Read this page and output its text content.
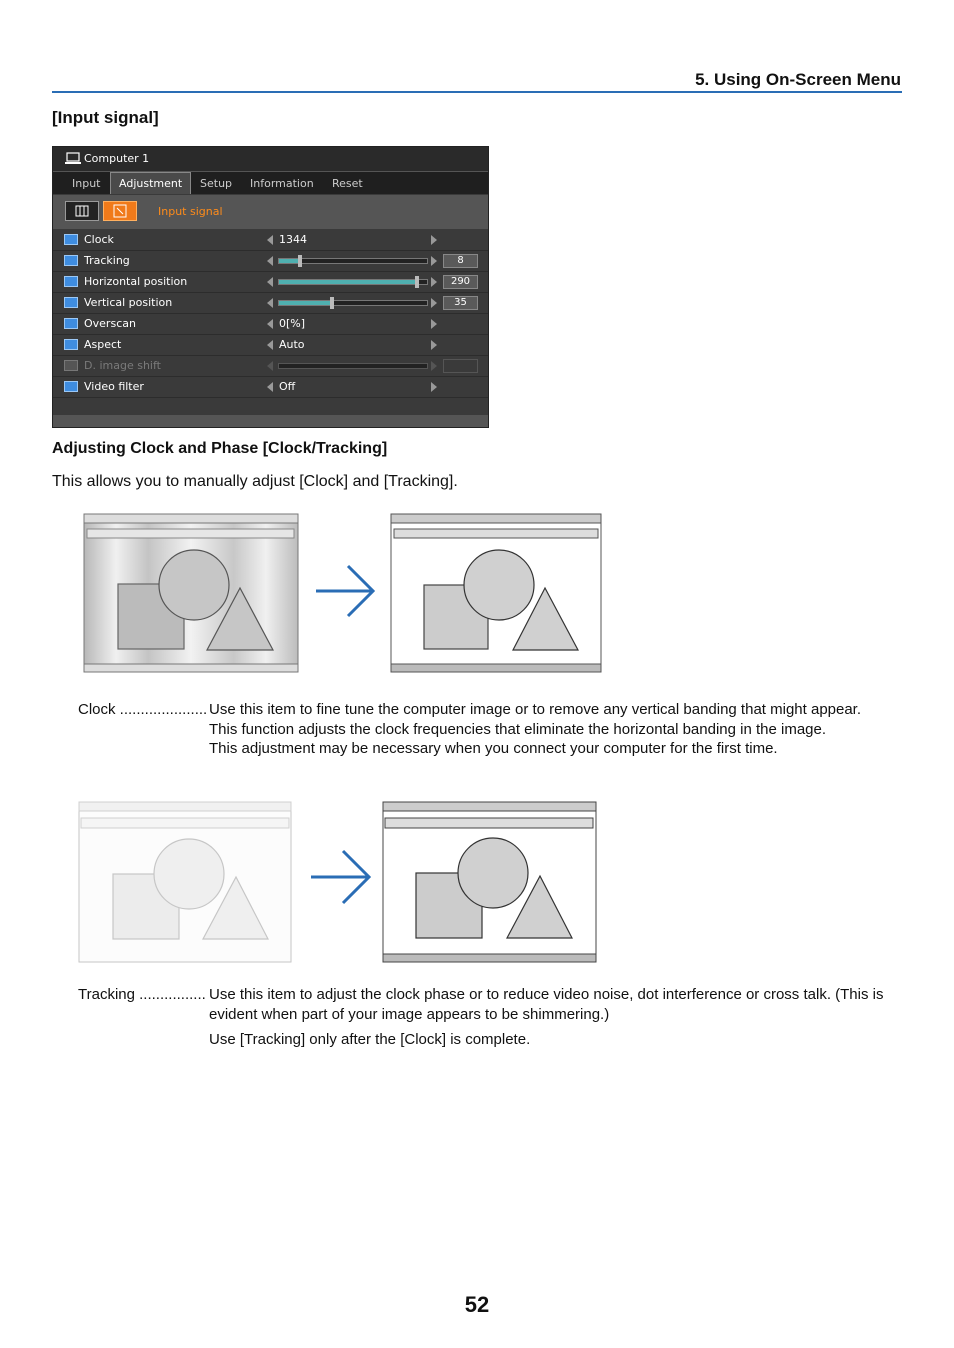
5. Using On-Screen Menu
[Input signal]
Computer 1
Input	Adjustment	Setup Information Reset
Input signal
Clock	1344
Tracking	8
Horizontal position	290
Vertical position	35
Overscan	0[%]
Aspect	Auto
D. image shift
Video filter	Off
Adjusting Clock and Phase [Clock/Tracking]
This allows you to manually adjust [Clock] and [Tracking].
Clock ..................... Use this item to fine tune the computer image or to remove any vertical banding that might appear.
This function adjusts the clock frequencies that eliminate the horizontal banding in the image.
This adjustment may be necessary when you connect your computer for the first time.
Tracking ................ Use this item to adjust the clock phase or to reduce video noise, dot interference or cross talk. (This is
evident when part of your image appears to be shimmering.)
Use [Tracking] only after the [Clock] is complete.
52
